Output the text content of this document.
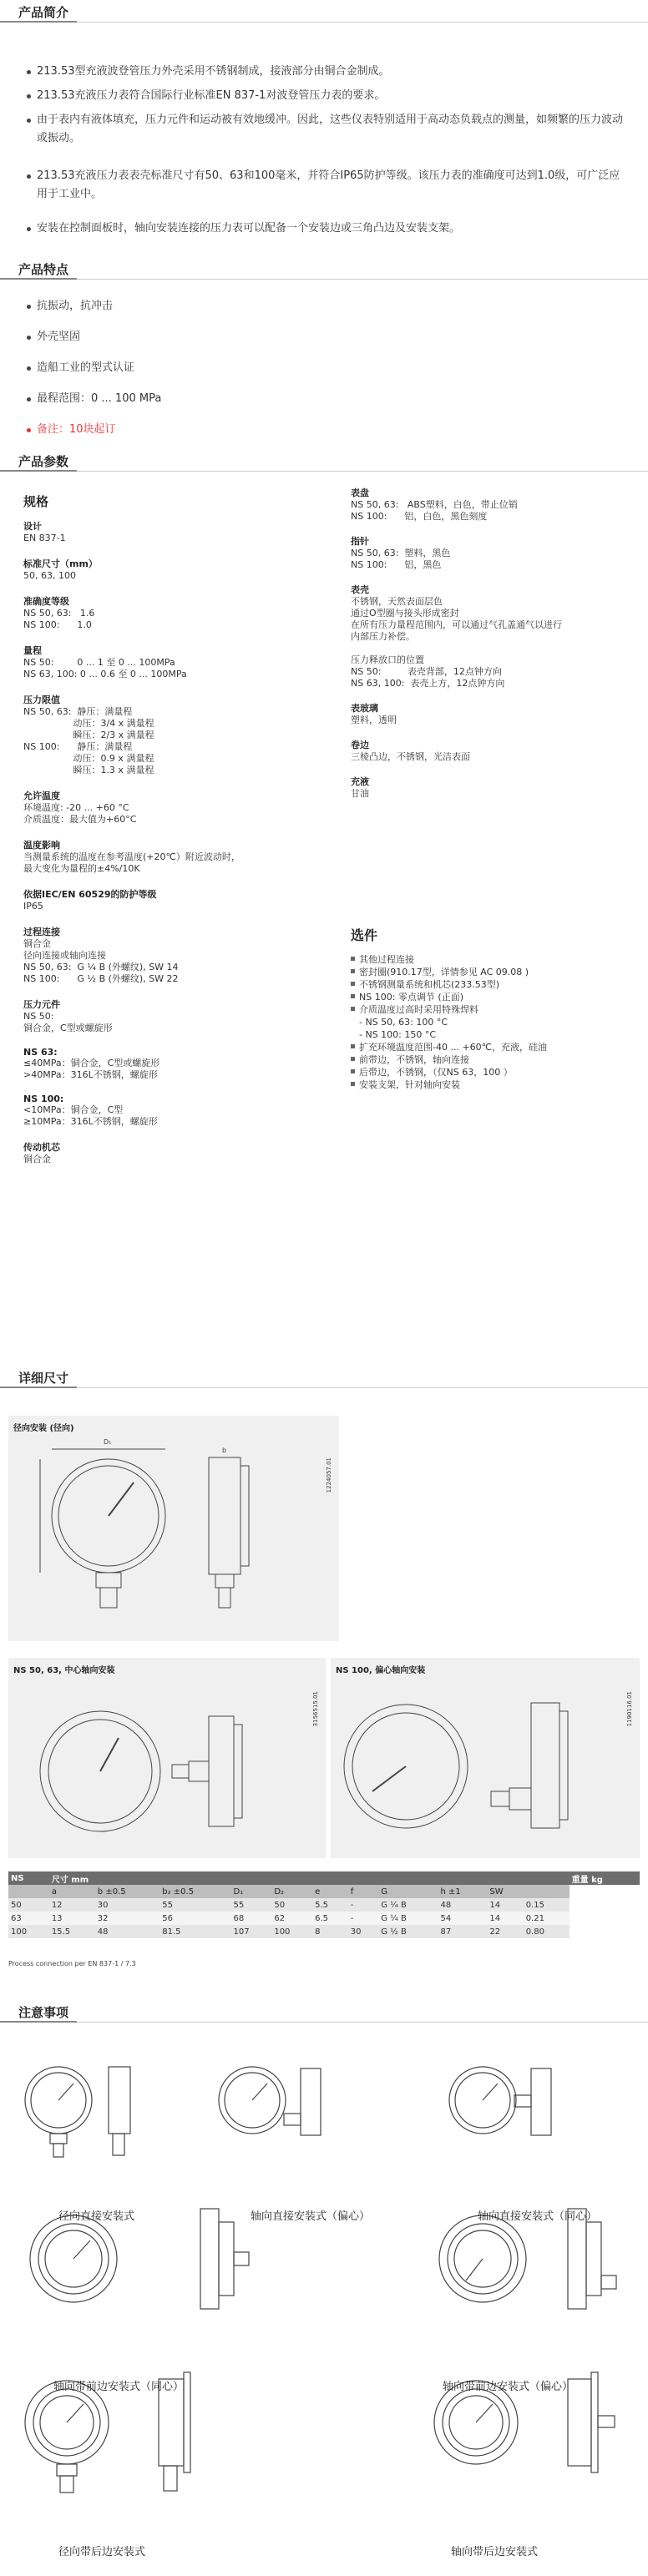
产品简介
213.53型充液波登管压力外壳采用不锈钢制成，接液部分由铜合金制成。
213.53充液压力表符合国际行业标准EN 837-1对波登管压力表的要求。
由于表内有液体填充，压力元件和运动被有效地缓冲。因此，这些仪表特别适用于高动态负载点的测量，如频繁的压力波动或振动。
213.53充液压力表表壳标准尺寸有50、63和100毫米，并符合IP65防护等级。该压力表的准确度可达到1.0级，可广泛应用于工业中。
安装在控制面板时，轴向安装连接的压力表可以配备一个安装边或三角凸边及安装支架。
产品特点
抗振动，抗冲击
外壳坚固
造船工业的型式认证
最程范围：0 ... 100 MPa
备注：10块起订
产品参数
规格
设计
EN 837-1
标准尺寸（mm）
50, 63, 100
准确度等级
NS 50, 63:   1.6
NS 100:      1.0
量程
NS 50:        0 ... 1 至 0 ... 100MPa
NS 63, 100: 0 ... 0.6 至 0 ... 100MPa
压力限值
NS 50, 63:  静压：满量程
动压：3/4 x 满量程
瞬压：2/3 x 满量程
NS 100:      静压：满量程
动压：0.9 x 满量程
瞬压：1.3 x 满量程
允许温度
环境温度: -20 ... +60 °C
介质温度：最大值为+60°C
温度影响
当测量系统的温度在参考温度(+20℃）附近波动时，
最大变化为量程的±4%/10K
依据IEC/EN 60529的防护等级
IP65
过程连接
铜合金
径向连接或轴向连接
NS 50, 63:  G ¼ B (外螺纹), SW 14
NS 100:      G ½ B (外螺纹), SW 22
压力元件
NS 50:
铜合金，C型或螺旋形
NS 63:
≤40MPa：铜合金，C型或螺旋形
>40MPa：316L不锈钢，螺旋形
NS 100:
<10MPa：铜合金，C型
≥10MPa：316L不锈钢，螺旋形
传动机芯
铜合金
表盘
NS 50, 63:   ABS塑料，白色，带止位销
NS 100:      铝，白色，黑色刻度
指针
NS 50, 63:  塑料，黑色
NS 100:      铝，黑色
表壳
不锈钢，天然表面层色
通过O型圈与接头形成密封
在所有压力量程范围内，可以通过气孔盖通气以进行
内部压力补偿。
压力释放口的位置
NS 50:         表壳背部，12点钟方向
NS 63, 100:  表壳上方，12点钟方向
表玻璃
塑料，透明
卷边
三棱凸边，不锈钢，光洁表面
充液
甘油
选件
其他过程连接
密封圈(910.17型，详情参见 AC 09.08 )
不锈钢测量系统和机芯(233.53型)
NS 100: 零点调节 (正面)
介质温度过高时采用特殊焊料
- NS 50, 63: 100 °C
- NS 100: 150 °C
扩充环境温度范围-40 ... +60℃，充液，硅油
前带边，不锈钢，轴向连接
后带边，不锈钢，（仅NS 63，100 ）
安装支架，针对轴向安装
详细尺寸
径向安装 (径向)
1224057.01
D₁
b
NS 50, 63, 中心轴向安装
3156515.01
NS 100, 偏心轴向安装
1190116.01
NS	尺寸 mm											重量 kg
	a	b ±0.5	b₂ ±0.5	D₁	D₂	e	f	G	h ±1	SW		
50	12	30	55	55	50	5.5	-	G ¼ B	48	14	0.15	
63	13	32	56	68	62	6.5	-	G ¼ B	54	14	0.21	
100	15.5	48	81.5	107	100	8	30	G ½ B	87	22	0.80	
Process connection per EN 837-1 / 7.3
注意事项
径向直接安装式	轴向直接安装式（偏心）	轴向直接安装式（同心）
轴向带前边安装式（同心）	轴向带前边安装式（偏心）
径向带后边安装式	轴向带后边安装式
